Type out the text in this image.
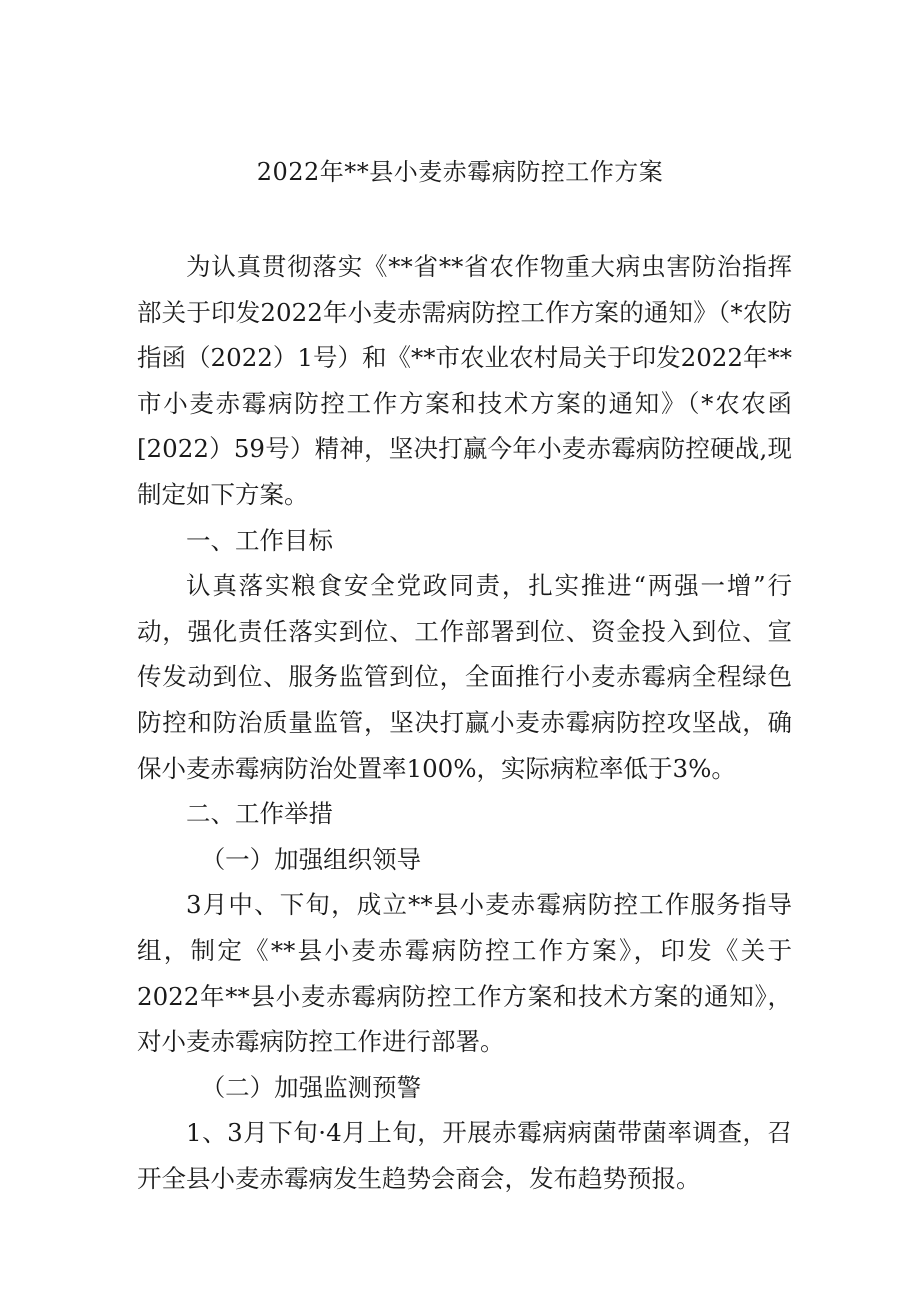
2022年**县小麦赤霉病防控工作方案

为认真贯彻落实《**省**省农作物重大病虫害防治指挥部关于印发2022年小麦赤需病防控工作方案的通知》（*农防指函（2022）1号）和《**市农业农村局关于印发2022年**市小麦赤霉病防控工作方案和技术方案的通知》（*农农函[2022）59号）精神，坚决打赢今年小麦赤霉病防控硬战,现制定如下方案。

一、工作目标

认真落实粮食安全党政同责，扎实推进“两强一增”行动，强化责任落实到位、工作部署到位、资金投入到位、宣传发动到位、服务监管到位，全面推行小麦赤霉病全程绿色防控和防治质量监管，坚决打赢小麦赤霉病防控攻坚战，确保小麦赤霉病防治处置率100%，实际病粒率低于3%。

二、工作举措

（一）加强组织领导

3月中、下旬，成立**县小麦赤霉病防控工作服务指导组，制定《**县小麦赤霉病防控工作方案》，印发《关于2022年**县小麦赤霉病防控工作方案和技术方案的通知》，对小麦赤霉病防控工作进行部署。

（二）加强监测预警

1、3月下旬·4月上旬，开展赤霉病病菌带菌率调查，召开全县小麦赤霉病发生趋势会商会，发布趋势预报。
